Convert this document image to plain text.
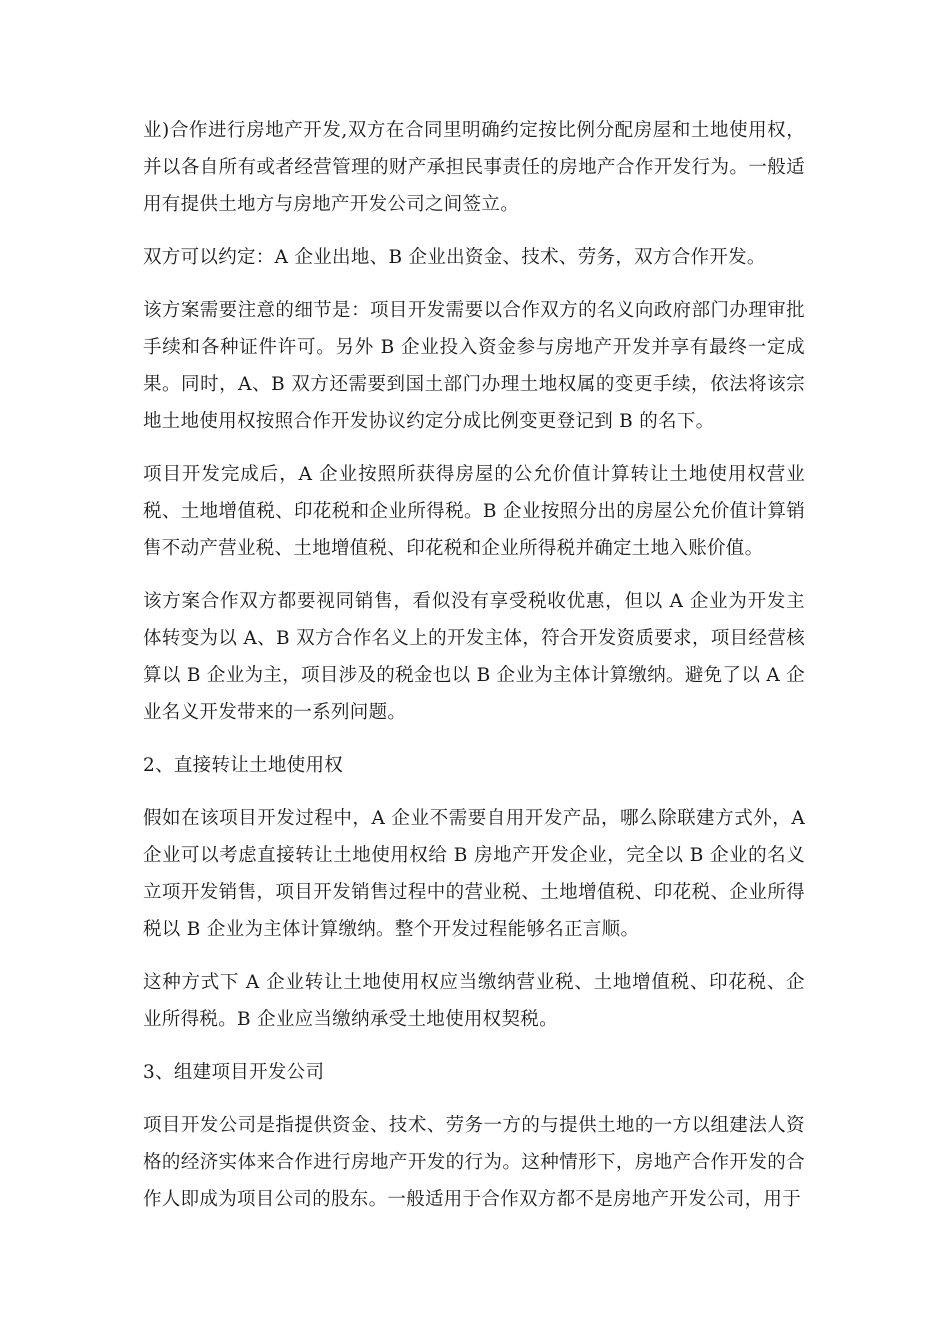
业)合作进行房地产开发,双方在合同里明确约定按比例分配房屋和土地使用权，并以各自所有或者经营管理的财产承担民事责任的房地产合作开发行为。一般适用有提供土地方与房地产开发公司之间签立。

双方可以约定：A 企业出地、B 企业出资金、技术、劳务，双方合作开发。

该方案需要注意的细节是：项目开发需要以合作双方的名义向政府部门办理审批手续和各种证件许可。另外 B 企业投入资金参与房地产开发并享有最终一定成果。同时，A、B 双方还需要到国土部门办理土地权属的变更手续，依法将该宗地土地使用权按照合作开发协议约定分成比例变更登记到 B 的名下。

项目开发完成后，A 企业按照所获得房屋的公允价值计算转让土地使用权营业税、土地增值税、印花税和企业所得税。B 企业按照分出的房屋公允价值计算销售不动产营业税、土地增值税、印花税和企业所得税并确定土地入账价值。

该方案合作双方都要视同销售，看似没有享受税收优惠，但以 A 企业为开发主体转变为以 A、B 双方合作名义上的开发主体，符合开发资质要求，项目经营核算以 B 企业为主，项目涉及的税金也以 B 企业为主体计算缴纳。避免了以 A 企业名义开发带来的一系列问题。

2、直接转让土地使用权

假如在该项目开发过程中，A 企业不需要自用开发产品，哪么除联建方式外，A 企业可以考虑直接转让土地使用权给 B 房地产开发企业，完全以 B 企业的名义立项开发销售，项目开发销售过程中的营业税、土地增值税、印花税、企业所得税以 B 企业为主体计算缴纳。整个开发过程能够名正言顺。

这种方式下 A 企业转让土地使用权应当缴纳营业税、土地增值税、印花税、企业所得税。B 企业应当缴纳承受土地使用权契税。

3、组建项目开发公司

项目开发公司是指提供资金、技术、劳务一方的与提供土地的一方以组建法人资格的经济实体来合作进行房地产开发的行为。这种情形下，房地产合作开发的合作人即成为项目公司的股东。一般适用于合作双方都不是房地产开发公司，用于
